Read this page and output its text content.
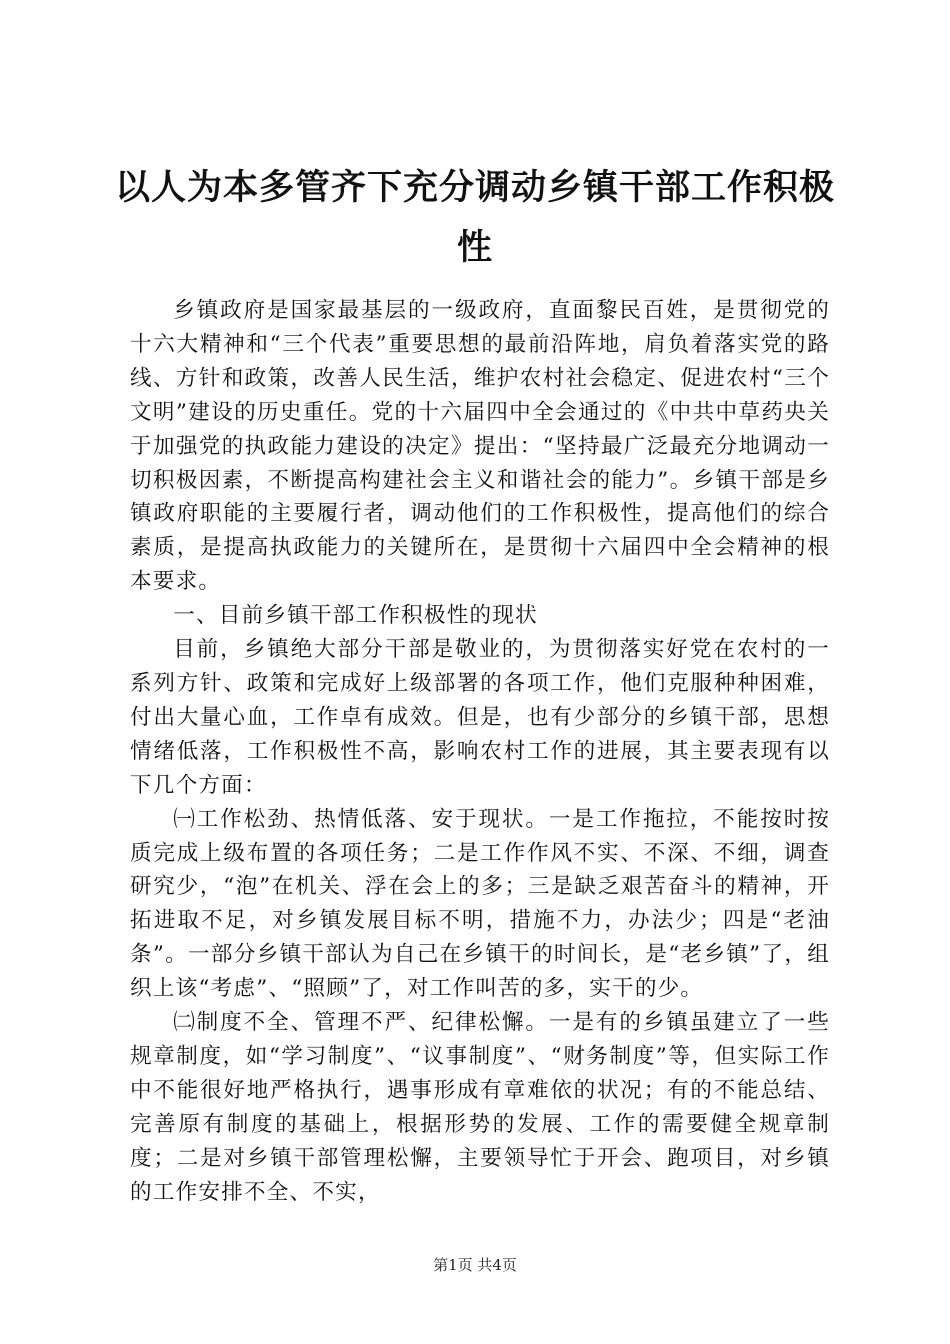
以人为本多管齐下充分调动乡镇干部工作积极性

乡镇政府是国家最基层的一级政府，直面黎民百姓，是贯彻党的十六大精神和“三个代表”重要思想的最前沿阵地，肩负着落实党的路线、方针和政策，改善人民生活，维护农村社会稳定、促进农村“三个文明”建设的历史重任。党的十六届四中全会通过的《中共中草药央关于加强党的执政能力建设的决定》提出：“坚持最广泛最充分地调动一切积极因素，不断提高构建社会主义和谐社会的能力”。乡镇干部是乡镇政府职能的主要履行者，调动他们的工作积极性，提高他们的综合素质，是提高执政能力的关键所在，是贯彻十六届四中全会精神的根本要求。

一、目前乡镇干部工作积极性的现状

目前，乡镇绝大部分干部是敬业的，为贯彻落实好党在农村的一系列方针、政策和完成好上级部署的各项工作，他们克服种种困难，付出大量心血，工作卓有成效。但是，也有少部分的乡镇干部，思想情绪低落，工作积极性不高，影响农村工作的进展，其主要表现有以下几个方面：

㈠工作松劲、热情低落、安于现状。一是工作拖拉，不能按时按质完成上级布置的各项任务；二是工作作风不实、不深、不细，调查研究少，“泡”在机关、浮在会上的多；三是缺乏艰苦奋斗的精神，开拓进取不足，对乡镇发展目标不明，措施不力，办法少；四是“老油条”。一部分乡镇干部认为自己在乡镇干的时间长，是“老乡镇”了，组织上该“考虑”、“照顾”了，对工作叫苦的多，实干的少。

㈡制度不全、管理不严、纪律松懈。一是有的乡镇虽建立了一些规章制度，如“学习制度”、“议事制度”、“财务制度”等，但实际工作中不能很好地严格执行，遇事形成有章难依的状况；有的不能总结、完善原有制度的基础上，根据形势的发展、工作的需要健全规章制度；二是对乡镇干部管理松懈，主要领导忙于开会、跑项目，对乡镇的工作安排不全、不实，

第1页 共4页
